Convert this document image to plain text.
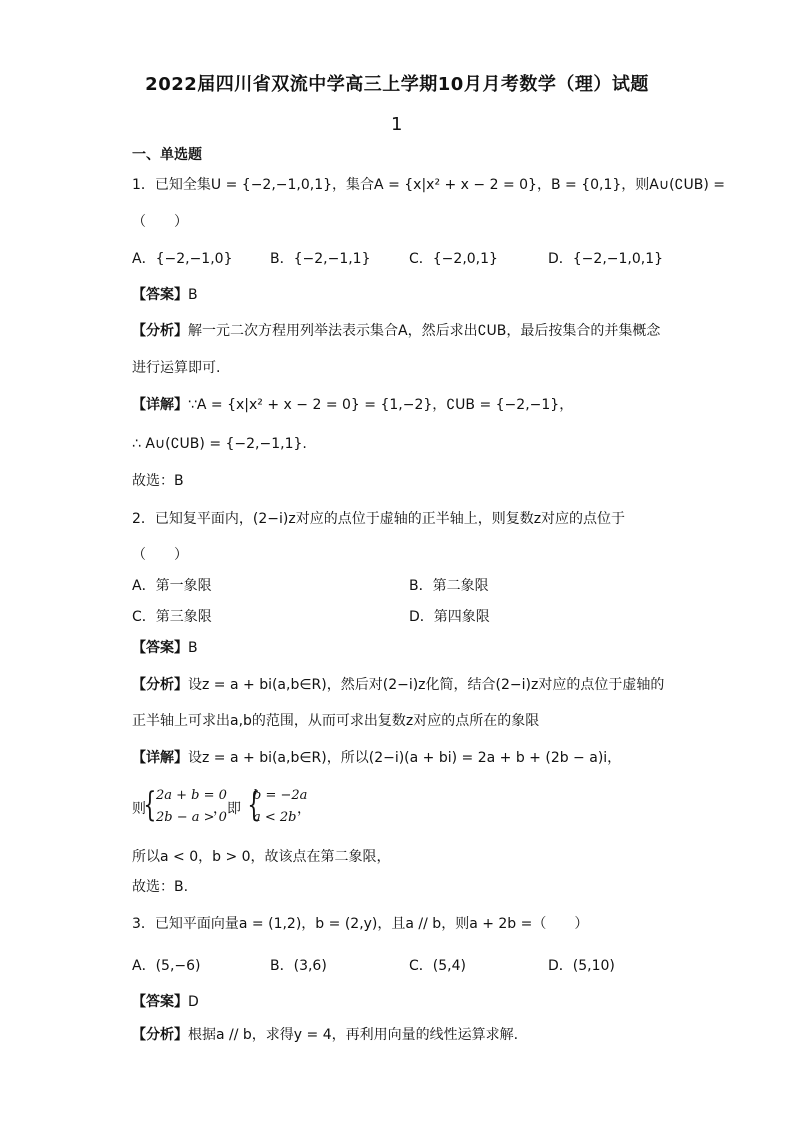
2022届四川省双流中学高三上学期10月月考数学（理）试题
1
一、单选题
1．已知全集U = {−2,−1,0,1}，集合A = {x|x² + x − 2 = 0}，B = {0,1}，则A∪(∁UB) =
（　　）
A．{−2,−1,0}	B．{−2,−1,1}	C．{−2,0,1}	D．{−2,−1,0,1}
【答案】B
【分析】解一元二次方程用列举法表示集合A，然后求出∁UB，最后按集合的并集概念
进行运算即可.
【详解】∵A = {x|x² + x − 2 = 0} = {1,−2}，∁UB = {−2,−1}，
∴ A∪(∁UB) = {−2,−1,1}.
故选：B
2．已知复平面内，(2−i)z对应的点位于虚轴的正半轴上，则复数z对应的点位于
（　　）
A．第一象限	B．第二象限
C．第三象限	D．第四象限
【答案】B
【分析】设z = a + bi(a,b∈R)，然后对(2−i)z化简，结合(2−i)z对应的点位于虚轴的
正半轴上可求出a,b的范围，从而可求出复数z对应的点所在的象限
【详解】设z = a + bi(a,b∈R)，所以(2−i)(a + bi) = 2a + b + (2b − a)i，
则
{ 2a + b = 0
2b − a > 0
，即 {
b = −2a
a < 2b
，
所以a < 0，b > 0，故该点在第二象限，
故选：B.
3．已知平面向量a = (1,2)，b = (2,y)，且a // b，则a + 2b =（　　）
A．(5,−6)	B．(3,6)	C．(5,4)	D．(5,10)
【答案】D
【分析】根据a // b，求得y = 4，再利用向量的线性运算求解.
